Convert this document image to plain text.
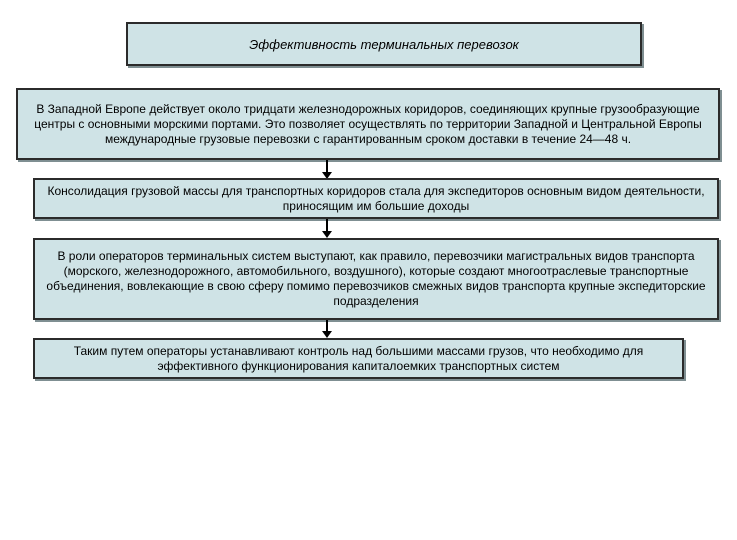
Эффективность терминальных перевозок
В Западной Европе действует около тридцати железнодорожных коридоров, соединяющих крупные грузообразующие центры с основными морскими портами. Это позволяет осуществлять по территории Западной и Центральной Европы международные грузовые перевозки с гарантированным сроком доставки в течение 24—48 ч.
Консолидация грузовой массы для транспортных коридоров стала для экспедиторов основным видом деятельности, приносящим им большие доходы
В роли операторов терминальных систем выступают, как правило, перевозчики магистральных видов транспорта (морского, железнодорожного, автомобильного, воздушного), которые создают многоотраслевые транспортные объединения, вовлекающие в свою сферу помимо перевозчиков смежных видов транспорта крупные экспедиторские подразделения
Таким путем операторы устанавливают контроль над большими массами грузов, что необходимо для эффективного функционирования капиталоемких транспортных систем
